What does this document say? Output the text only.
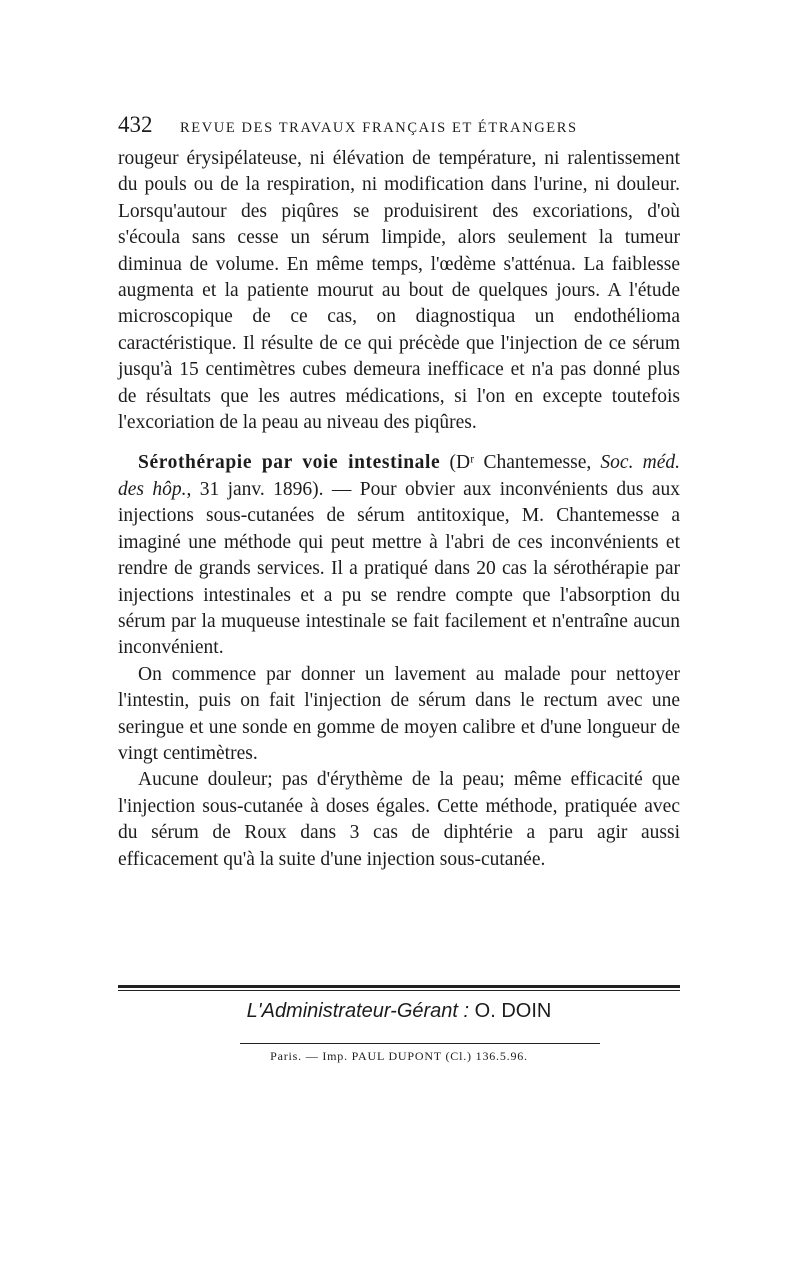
432	REVUE DES TRAVAUX FRANÇAIS ET ÉTRANGERS

rougeur érysipélateuse, ni élévation de température, ni ralentissement du pouls ou de la respiration, ni modification dans l'urine, ni douleur. Lorsqu'autour des piqûres se produisirent des excoriations, d'où s'écoula sans cesse un sérum limpide, alors seulement la tumeur diminua de volume. En même temps, l'œdème s'atténua. La faiblesse augmenta et la patiente mourut au bout de quelques jours. A l'étude microscopique de ce cas, on diagnostiqua un endothélioma caractéristique. Il résulte de ce qui précède que l'injection de ce sérum jusqu'à 15 centimètres cubes demeura inefficace et n'a pas donné plus de résultats que les autres médications, si l'on en excepte toutefois l'excoriation de la peau au niveau des piqûres.

Sérothérapie par voie intestinale (Dʳ Chantemesse, Soc. méd. des hôp., 31 janv. 1896). — Pour obvier aux inconvénients dus aux injections sous-cutanées de sérum antitoxique, M. Chantemesse a imaginé une méthode qui peut mettre à l'abri de ces inconvénients et rendre de grands services. Il a pratiqué dans 20 cas la sérothérapie par injections intestinales et a pu se rendre compte que l'absorption du sérum par la muqueuse intestinale se fait facilement et n'entraîne aucun inconvénient.

On commence par donner un lavement au malade pour nettoyer l'intestin, puis on fait l'injection de sérum dans le rectum avec une seringue et une sonde en gomme de moyen calibre et d'une longueur de vingt centimètres.

Aucune douleur; pas d'érythème de la peau; même efficacité que l'injection sous-cutanée à doses égales. Cette méthode, pratiquée avec du sérum de Roux dans 3 cas de diphtérie a paru agir aussi efficacement qu'à la suite d'une injection sous-cutanée.

L'Administrateur-Gérant : O. DOIN
Paris. — Imp. PAUL DUPONT (Cl.) 136.5.96.
